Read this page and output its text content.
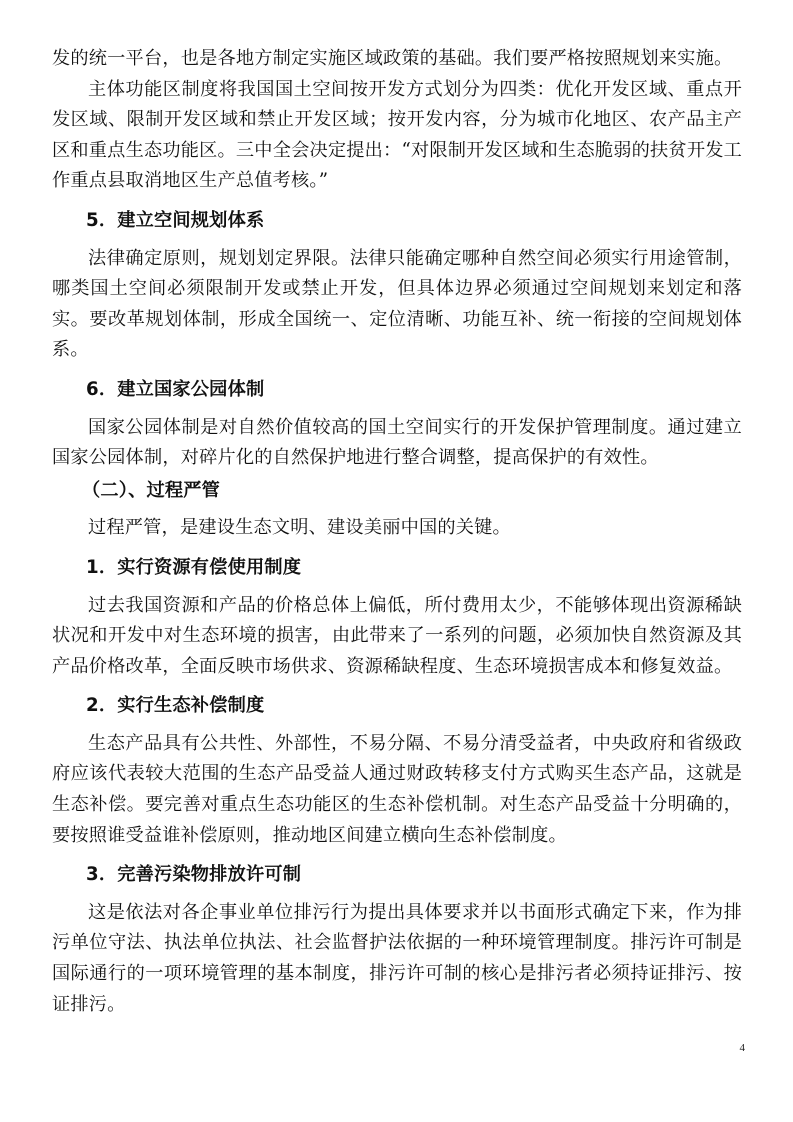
发的统一平台，也是各地方制定实施区域政策的基础。我们要严格按照规划来实施。

主体功能区制度将我国国土空间按开发方式划分为四类：优化开发区域、重点开发区域、限制开发区域和禁止开发区域；按开发内容，分为城市化地区、农产品主产区和重点生态功能区。三中全会决定提出：“对限制开发区域和生态脆弱的扶贫开发工作重点县取消地区生产总值考核。”

5．建立空间规划体系

法律确定原则，规划划定界限。法律只能确定哪种自然空间必须实行用途管制，哪类国土空间必须限制开发或禁止开发，但具体边界必须通过空间规划来划定和落实。要改革规划体制，形成全国统一、定位清晰、功能互补、统一衔接的空间规划体系。

6．建立国家公园体制

国家公园体制是对自然价值较高的国土空间实行的开发保护管理制度。通过建立国家公园体制，对碎片化的自然保护地进行整合调整，提高保护的有效性。

（二）、过程严管

过程严管，是建设生态文明、建设美丽中国的关键。

1．实行资源有偿使用制度

过去我国资源和产品的价格总体上偏低，所付费用太少，不能够体现出资源稀缺状况和开发中对生态环境的损害，由此带来了一系列的问题，必须加快自然资源及其产品价格改革，全面反映市场供求、资源稀缺程度、生态环境损害成本和修复效益。

2．实行生态补偿制度

生态产品具有公共性、外部性，不易分隔、不易分清受益者，中央政府和省级政府应该代表较大范围的生态产品受益人通过财政转移支付方式购买生态产品，这就是生态补偿。要完善对重点生态功能区的生态补偿机制。对生态产品受益十分明确的，要按照谁受益谁补偿原则，推动地区间建立横向生态补偿制度。

3．完善污染物排放许可制

这是依法对各企事业单位排污行为提出具体要求并以书面形式确定下来，作为排污单位守法、执法单位执法、社会监督护法依据的一种环境管理制度。排污许可制是国际通行的一项环境管理的基本制度，排污许可制的核心是排污者必须持证排污、按证排污。

4
